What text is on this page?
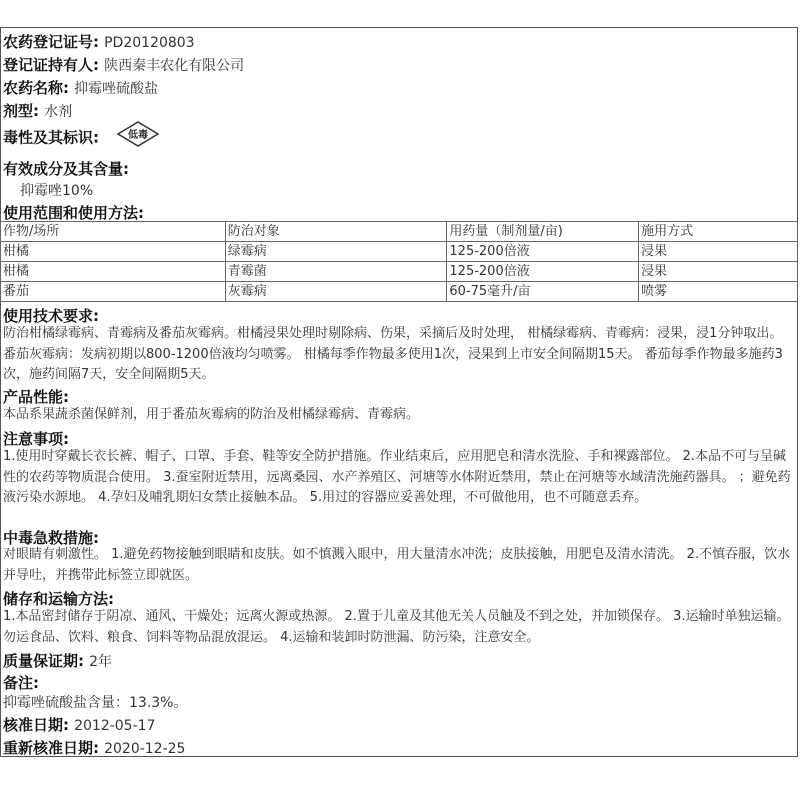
农药登记证号: PD20120803
登记证持有人: 陕西秦丰农化有限公司
农药名称: 抑霉唑硫酸盐
剂型: 水剂
毒性及其标识:	低毒
有效成分及其含量:
抑霉唑10%
使用范围和使用方法:
作物/场所	防治对象	用药量（制剂量/亩)	施用方式
柑橘	绿霉病	125-200倍液	浸果
柑橘	青霉菌	125-200倍液	浸果
番茄	灰霉病	60-75毫升/亩	喷雾
使用技术要求:
防治柑橘绿霉病、青霉病及番茄灰霉病。柑橘浸果处理时剔除病、伤果，采摘后及时处理， 柑橘绿霉病、青霉病：浸果，浸1分钟取出。番茄灰霉病：发病初期以800-1200倍液均匀喷雾。 柑橘每季作物最多使用1次，浸果到上市安全间隔期15天。 番茄每季作物最多施药3次，施药间隔7天，安全间隔期5天。
产品性能:
本品系果蔬杀菌保鲜剂，用于番茄灰霉病的防治及柑橘绿霉病、青霉病。
注意事项:
1.使用时穿戴长衣长裤、帽子、口罩、手套、鞋等安全防护措施。作业结束后，应用肥皂和清水洗脸、手和裸露部位。 2.本品不可与呈碱性的农药等物质混合使用。 3.蚕室附近禁用，远离桑园、水产养殖区、河塘等水体附近禁用，禁止在河塘等水域清洗施药器具。 ；避免药液污染水源地。 4.孕妇及哺乳期妇女禁止接触本品。 5.用过的容器应妥善处理，不可做他用，也不可随意丢弃。
中毒急救措施:
对眼睛有刺激性。 1.避免药物接触到眼睛和皮肤。如不慎溅入眼中，用大量清水冲洗；皮肤接触，用肥皂及清水清洗。 2.不慎吞服，饮水并导吐，并携带此标签立即就医。
储存和运输方法:
1.本品密封储存于阴凉、通风、干燥处；远离火源或热源。 2.置于儿童及其他无关人员触及不到之处，并加锁保存。 3.运输时单独运输。勿运食品、饮料、粮食、饲料等物品混放混运。 4.运输和装卸时防泄漏、防污染，注意安全。
质量保证期: 2年
备注:
抑霉唑硫酸盐含量：13.3%。
核准日期: 2012-05-17
重新核准日期: 2020-12-25
